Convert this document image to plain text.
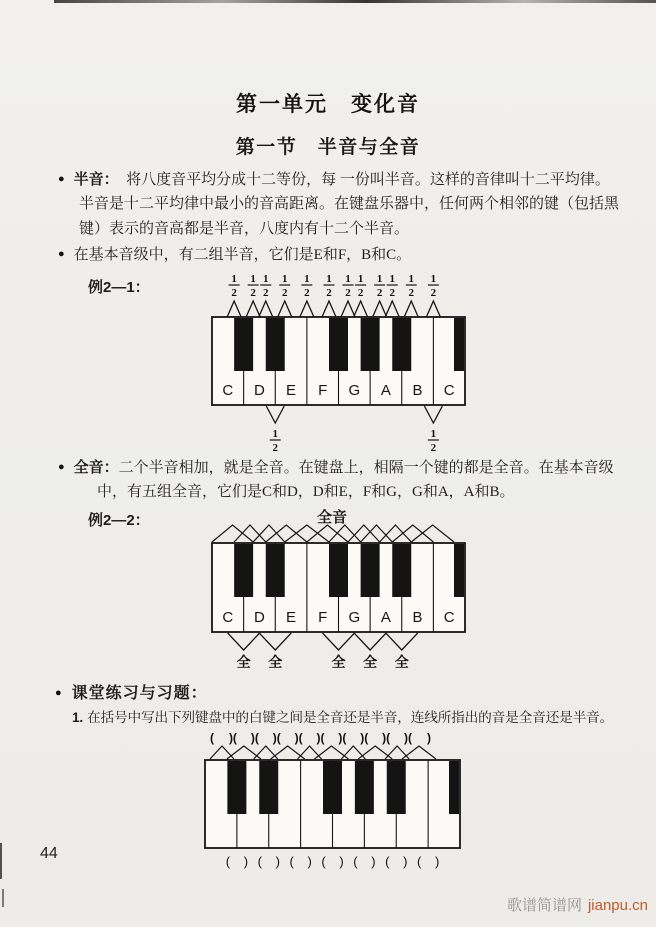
第一单元　变化音
第一节　半音与全音
● 半音：　将八度音平均分成十二等份，每 一份叫半音。这样的音律叫十二平均律。
半音是十二平均律中最小的音高距离。在键盘乐器中，任何两个相邻的键（包括黑
键）表示的音高都是半音，八度内有十二个半音。
● 在基本音级中，有二组半音，它们是E和F，B和C。
例2—1：
C D E F G A B C
1
2
1
2
1
2
1
2
1
2
1
2
1
2
1
2
1
2
1
2
1
2
1
2
1
2
1
2
● 全音：二个半音相加，就是全音。在键盘上，相隔一个键的都是全音。在基本音级
中，有五组全音，它们是C和D，D和E，F和G，G和A，A和B。
例2—2：	全音
C D E F G A B C
全 全	全 全 全
● 课堂练习与习题：
1. 在括号中写出下列键盘中的白键之间是全音还是半音，连线所指出的音是全音还是半音。
( )( )( )( )( )( )( )( )( )( )
( ) ( ) ( ) ( ) ( ) ( ) ( )
44
歌谱简谱网 jianpu.cn
